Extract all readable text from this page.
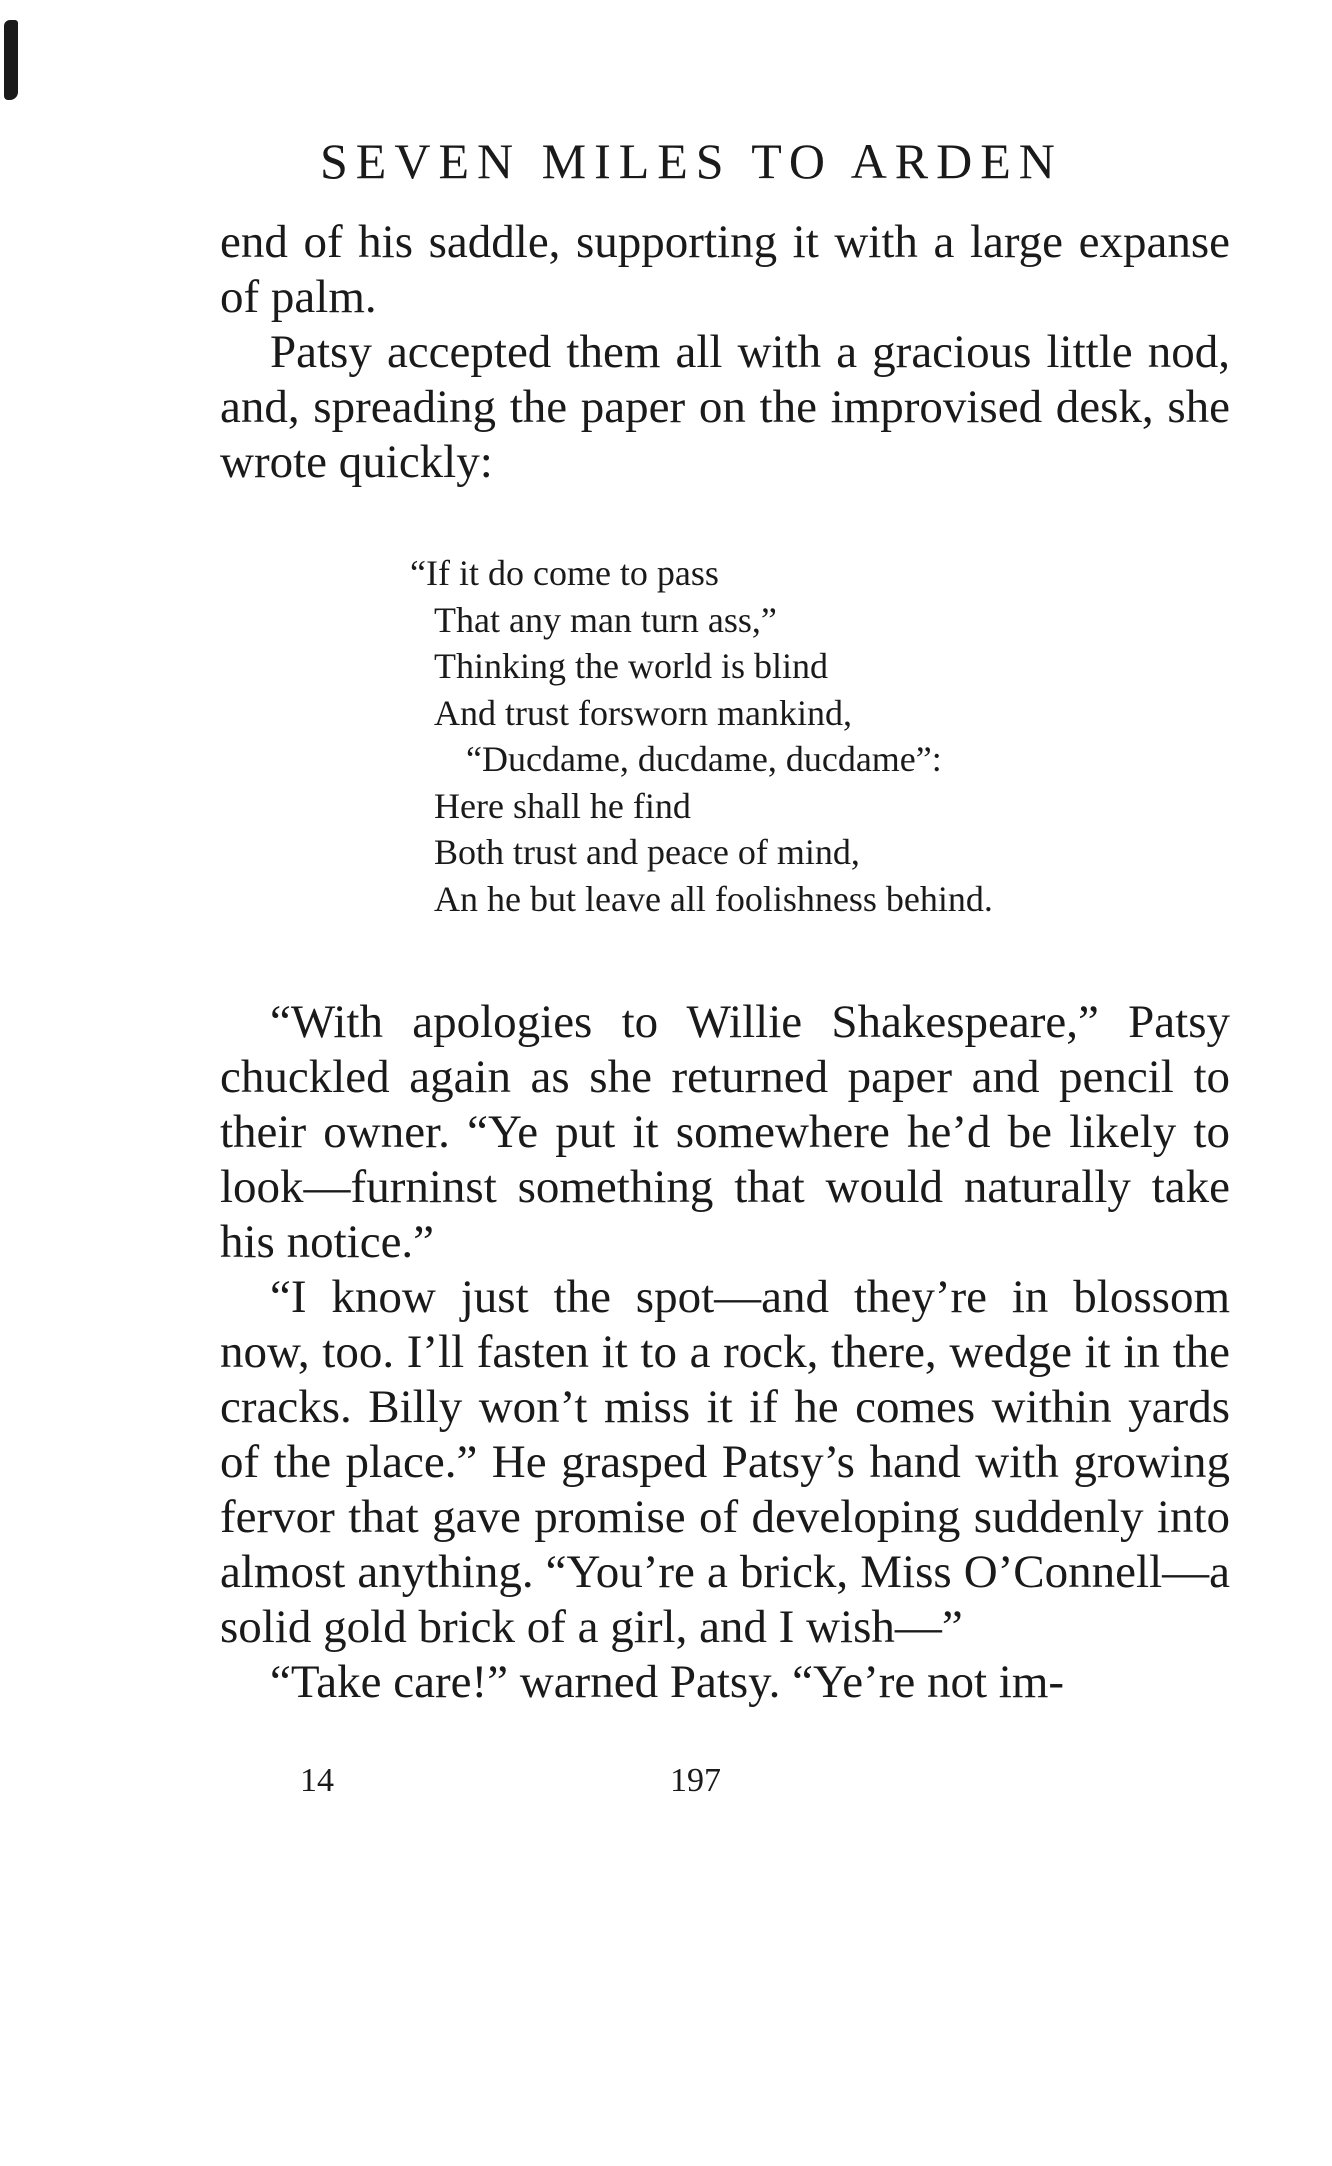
SEVEN MILES TO ARDEN

end of his saddle, supporting it with a large expanse of palm.

Patsy accepted them all with a gracious little nod, and, spreading the paper on the improvised desk, she wrote quickly:

“If it do come to pass
That any man turn ass,”
Thinking the world is blind
And trust forsworn mankind,
“Ducdame, ducdame, ducdame”:
Here shall he find
Both trust and peace of mind,
An he but leave all foolishness behind.

“With apologies to Willie Shakespeare,” Patsy chuckled again as she returned paper and pencil to their owner. “Ye put it somewhere he’d be likely to look—furninst something that would naturally take his notice.”

“I know just the spot—and they’re in blossom now, too. I’ll fasten it to a rock, there, wedge it in the cracks. Billy won’t miss it if he comes within yards of the place.” He grasped Patsy’s hand with growing fervor that gave promise of developing suddenly into almost anything. “You’re a brick, Miss O’Connell—a solid gold brick of a girl, and I wish—”

“Take care!” warned Patsy. “Ye’re not im-

14	197
